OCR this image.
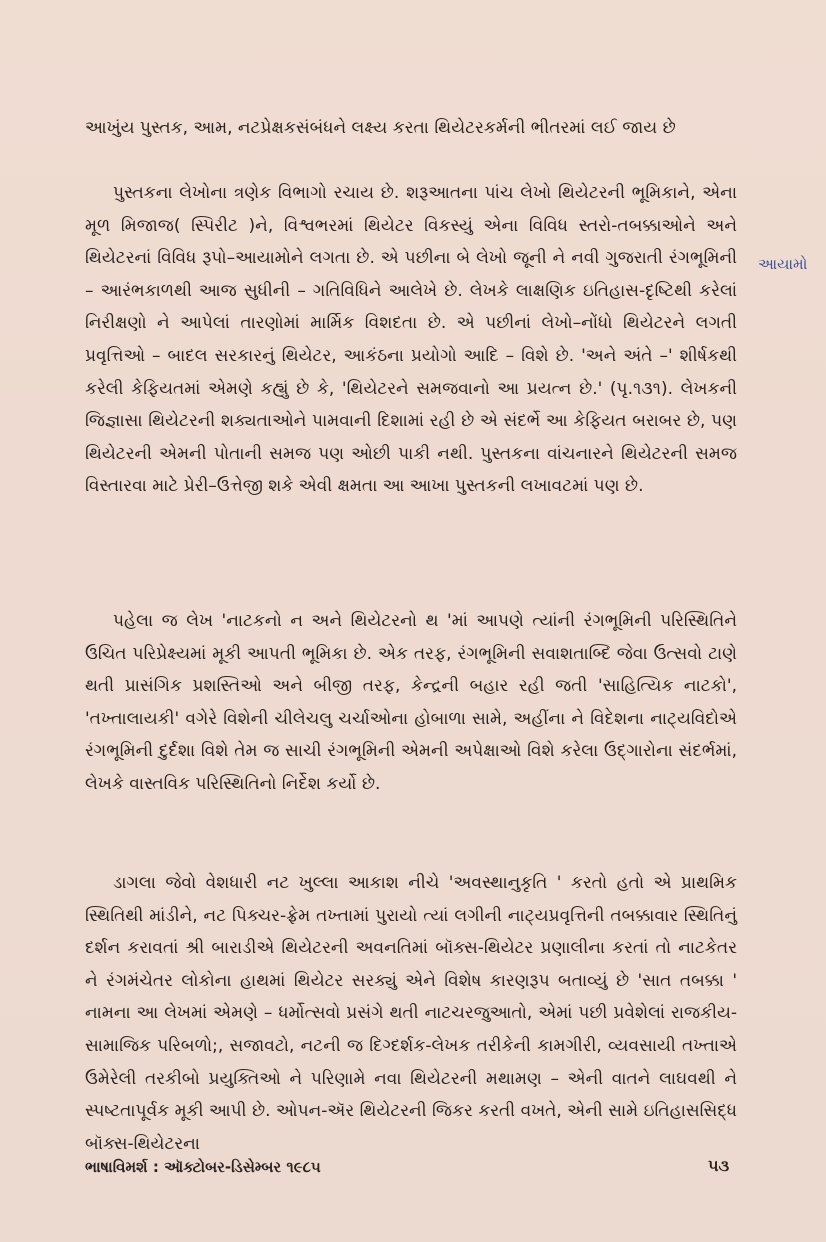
આખુંય પુસ્તક, આમ, નટપ્રેક્ષકસંબંધને લક્ષ્ય કરતા થિયેટરકર્મની ભીતરમાં લઈ જાય છે

પુસ્તકના લેખોના ત્રણેક વિભાગો રચાય છે. શરૂઆતના પાંચ લેખો થિયેટરની ભૂમિકાને, એના મૂળ મિજાજ( સ્પિરીટ )ને, વિશ્વભરમાં થિયેટર વિકસ્યું એના વિવિધ સ્તરો-તબક્કાઓને અને થિયેટરનાં વિવિધ રૂપો–આયામોને લગતા છે. એ પછીના બે લેખો જૂની ને નવી ગુજરાતી રંગભૂમિની – આરંભકાળથી આજ સુધીની – ગતિવિધિને આલેખે છે. લેખકે લાક્ષણિક ઇતિહાસ-દૃષ્ટિથી કરેલાં નિરીક્ષણો ને આપેલાં તારણોમાં માર્મિક વિશદતા છે. એ પછીનાં લેખો–નોંધો થિયેટરને લગતી પ્રવૃત્તિઓ – બાદલ સરકારનું થિયેટર, આકંઠના પ્રયોગો આદિ – વિશે છે. 'અને અંતે –' શીર્ષકથી કરેલી કેફિયતમાં એમણે કહ્યું છે કે, 'થિયેટરને સમજવાનો આ પ્રયત્ન છે.' (પૃ.૧૩૧). લેખકની જિજ્ઞાસા થિયેટરની શક્યતાઓને પામવાની દિશામાં રહી છે એ સંદર્ભે આ કેફિયત બરાબર છે, પણ થિયેટરની એમની પોતાની સમજ પણ ઓછી પાકી નથી. પુસ્તકના વાંચનારને થિયેટરની સમજ વિસ્તારવા માટે પ્રેરી–ઉત્તેજી શકે એવી ક્ષમતા આ આખા પુસ્તકની લખાવટમાં પણ છે.

પહેલા જ લેખ 'નાટકનો ન અને થિયેટરનો થ 'માં આપણે ત્યાંની રંગભૂમિની પરિસ્થિતિને ઉચિત પરિપ્રેક્ષ્યમાં મૂકી આપતી ભૂમિકા છે. એક તરફ, રંગભૂમિની સવાશતાબ્દિ જેવા ઉત્સવો ટાણે થતી પ્રાસંગિક પ્રશસ્તિઓ અને બીજી તરફ, કેન્દ્રની બહાર રહી જતી 'સાહિત્યિક નાટકો', 'તખ્તાલાયકી' વગેરે વિશેની ચીલેચલુ ચર્ચાઓના હોબાળા સામે, અહીંના ને વિદેશના નાટ્યવિદોએ રંગભૂમિની દુર્દશા વિશે તેમ જ સાચી રંગભૂમિની એમની અપેક્ષાઓ વિશે કરેલા ઉદ્ગારોના સંદર્ભમાં, લેખકે વાસ્તવિક પરિસ્થિતિનો નિર્દેશ કર્યો છે.

ડાગલા જેવો વેશધારી નટ ખુલ્લા આકાશ નીચે 'અવસ્થાનુકૃતિ ' કરતો હતો એ પ્રાથમિક સ્થિતિથી માંડીને, નટ પિક્ચર-ફ્રેમ તખ્તામાં પુરાયો ત્યાં લગીની નાટ્યપ્રવૃત્તિની તબક્કાવાર સ્થિતિનું દર્શન કરાવતાં શ્રી બારાડીએ થિયેટરની અવનતિમાં બૉક્સ-થિયેટર પ્રણાલીના કરતાં તો નાટકેતર ને રંગમંચેતર લોકોના હાથમાં થિયેટર સરક્યું એને વિશેષ કારણરૂપ બતાવ્યું છે 'સાત તબક્કા ' નામના આ લેખમાં એમણે – ધર્મોત્સવો પ્રસંગે થતી નાટચરજુઆતો, એમાં પછી પ્રવેશેલાં રાજકીય-સામાજિક પરિબળો;, સજાવટો, નટની જ દિગ્દર્શક-લેખક તરીકેની કામગીરી, વ્યવસાયી તખ્તાએ ઉમેરેલી તરકીબો પ્રયુક્તિઓ ને પરિણામે નવા થિયેટરની મથામણ – એની વાતને લાઘવથી ને સ્પષ્ટતાપૂર્વક મૂકી આપી છે. ઓપન-ઍર થિયેટરની જિકર કરતી વખતે, એની સામે ઇતિહાસસિદ્ધ બૉક્સ-થિયેટરના

આયામો
ભાષાવિમર્શ : ઑક્ટોબર-ડિસેમ્બર ૧૯૮૫	૫૩
